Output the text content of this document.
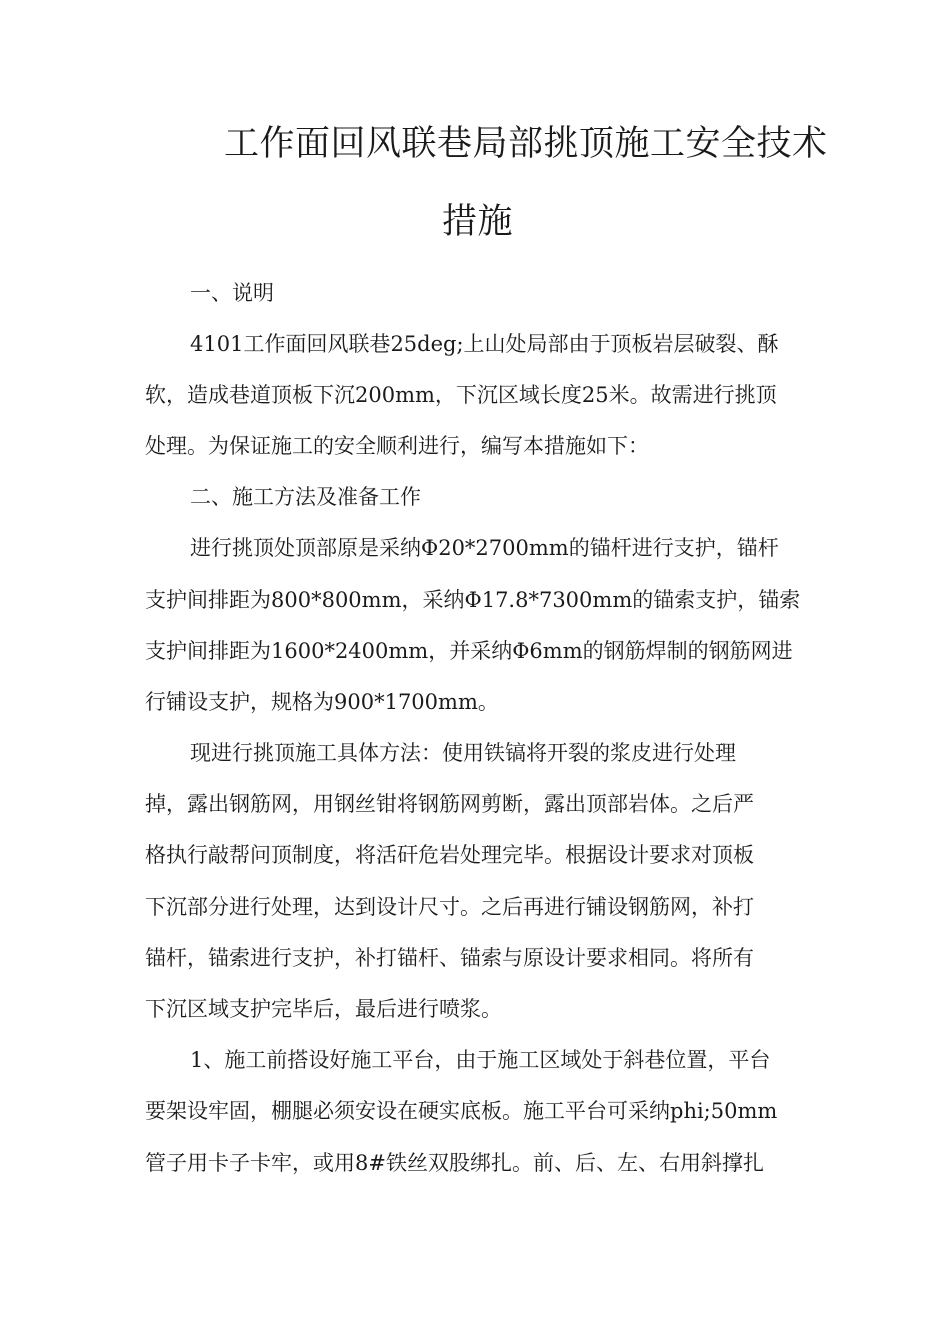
工作面回风联巷局部挑顶施工安全技术
措施
一、说明
4101工作面回风联巷25deg;上山处局部由于顶板岩层破裂、酥
软，造成巷道顶板下沉200mm，下沉区域长度25米。故需进行挑顶
处理。为保证施工的安全顺利进行，编写本措施如下：
二、施工方法及准备工作
进行挑顶处顶部原是采纳Φ20*2700mm的锚杆进行支护，锚杆
支护间排距为800*800mm，采纳Φ17.8*7300mm的锚索支护，锚索
支护间排距为1600*2400mm，并采纳Φ6mm的钢筋焊制的钢筋网进
行铺设支护，规格为900*1700mm。
现进行挑顶施工具体方法：使用铁镐将开裂的浆皮进行处理
掉，露出钢筋网，用钢丝钳将钢筋网剪断，露出顶部岩体。之后严
格执行敲帮问顶制度，将活矸危岩处理完毕。根据设计要求对顶板
下沉部分进行处理，达到设计尺寸。之后再进行铺设钢筋网，补打
锚杆，锚索进行支护，补打锚杆、锚索与原设计要求相同。将所有
下沉区域支护完毕后，最后进行喷浆。
1、施工前搭设好施工平台，由于施工区域处于斜巷位置，平台
要架设牢固，棚腿必须安设在硬实底板。施工平台可采纳phi;50mm
管子用卡子卡牢，或用8#铁丝双股绑扎。前、后、左、右用斜撑扎
